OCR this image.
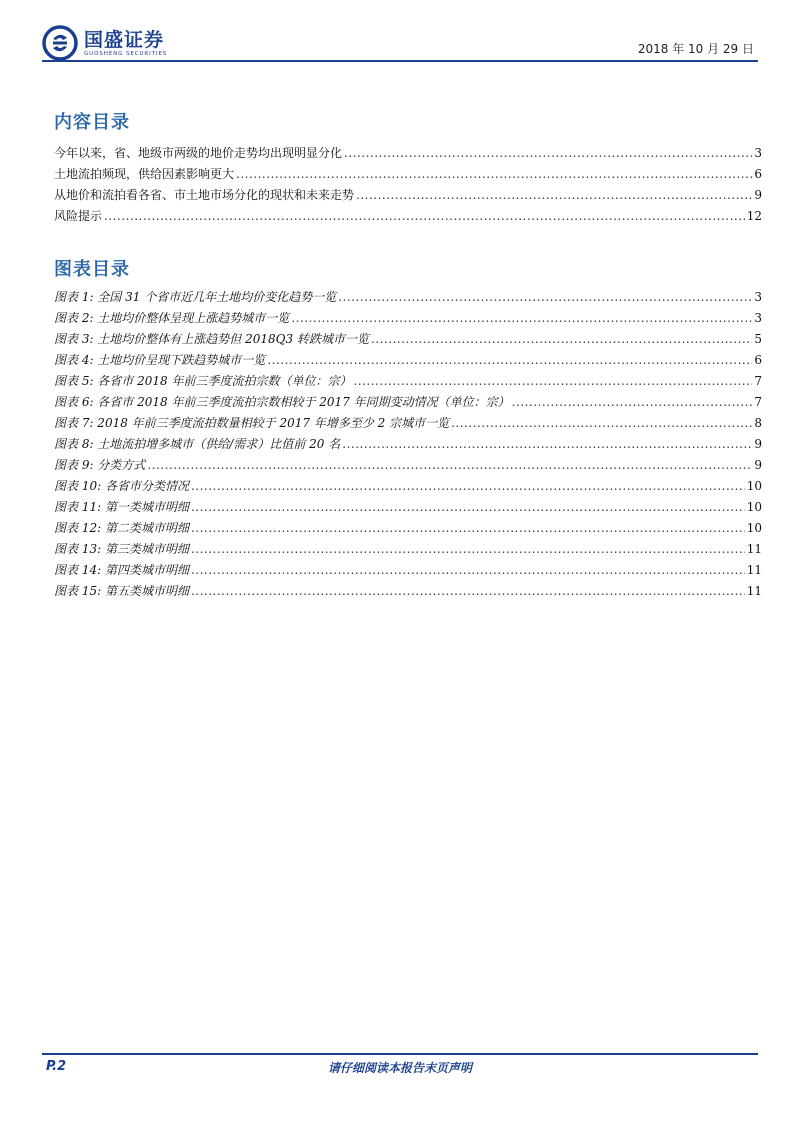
国盛证券
GUOSHENG SECURITIES	2018 年 10 月 29 日
内容目录
今年以来，省、地级市两级的地价走势均出现明显分化 .....	3
土地流拍频现，供给因素影响更大 .....	6
从地价和流拍看各省、市土地市场分化的现状和未来走势 .....	9
风险提示 .....	12
图表目录
图表 1: 全国 31 个省市近几年土地均价变化趋势一览 .....	3
图表 2: 土地均价整体呈现上涨趋势城市一览 .....	3
图表 3: 土地均价整体有上涨趋势但 2018Q3 转跌城市一览 .....	5
图表 4: 土地均价呈现下跌趋势城市一览 .....	6
图表 5: 各省市 2018 年前三季度流拍宗数（单位：宗） .....	7
图表 6: 各省市 2018 年前三季度流拍宗数相较于 2017 年同期变动情况（单位：宗） .....	7
图表 7: 2018 年前三季度流拍数量相较于 2017 年增多至少 2 宗城市一览 .....	8
图表 8: 土地流拍增多城市（供给/需求）比值前 20 名 .....	9
图表 9: 分类方式 .....	9
图表 10: 各省市分类情况 .....	10
图表 11: 第一类城市明细 .....	10
图表 12: 第二类城市明细 .....	10
图表 13: 第三类城市明细 .....	11
图表 14: 第四类城市明细 .....	11
图表 15: 第五类城市明细 .....	11
P.2	请仔细阅读本报告末页声明
